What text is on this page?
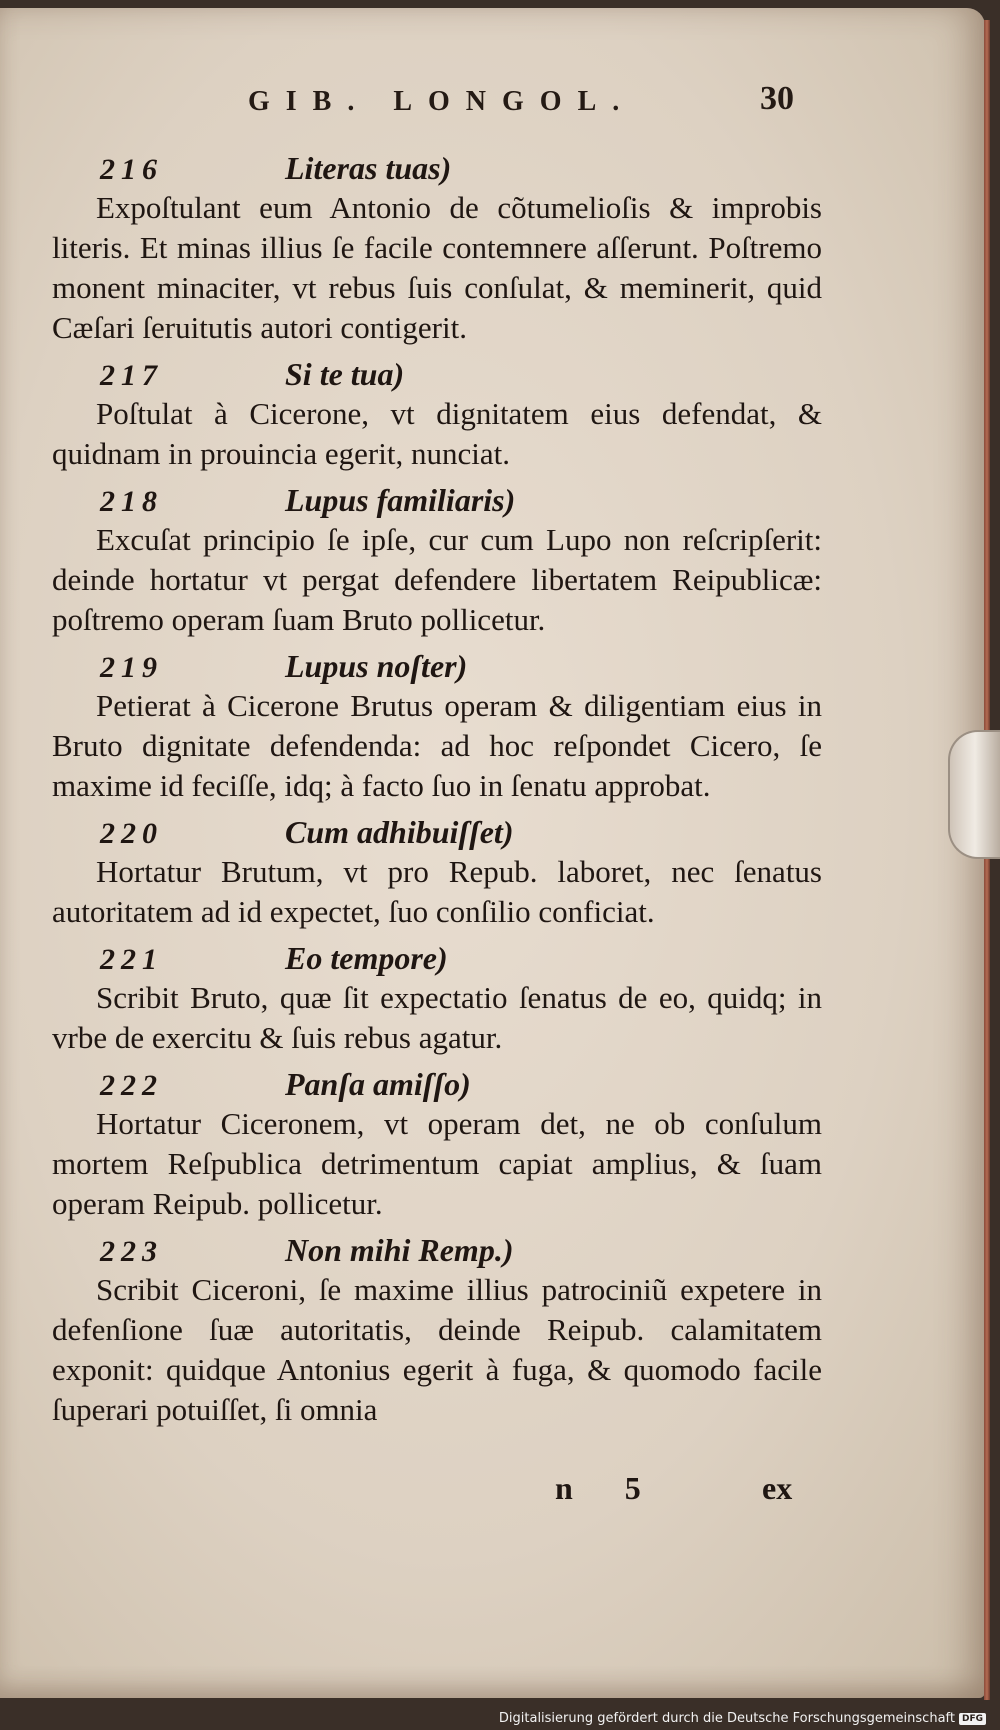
GIB. LONGOL.	30
216	Literas tuas)
Expoſtulant eum Antonio de cõtumelioſis & improbis literis. Et minas illius ſe facile contemnere aſſerunt. Poſtremo monent minaciter, vt rebus ſuis conſulat, & meminerit, quid Cæſari ſeruitutis autori contigerit.
217	Si te tua)
Poſtulat à Cicerone, vt dignitatem eius defendat, & quidnam in prouincia egerit, nunciat.
218	Lupus familiaris)
Excuſat principio ſe ipſe, cur cum Lupo non reſcripſerit: deinde hortatur vt pergat defendere libertatem Reipublicæ: poſtremo operam ſuam Bruto pollicetur.
219	Lupus noſter)
Petierat à Cicerone Brutus operam & diligentiam eius in Bruto dignitate defendenda: ad hoc reſpondet Cicero, ſe maxime id feciſſe, idq; à facto ſuo in ſenatu approbat.
220	Cum adhibuiſſet)
Hortatur Brutum, vt pro Repub. laboret, nec ſenatus autoritatem ad id expectet, ſuo conſilio conficiat.
221	Eo tempore)
Scribit Bruto, quæ ſit expectatio ſenatus de eo, quidq; in vrbe de exercitu & ſuis rebus agatur.
222	Panſa amiſſo)
Hortatur Ciceronem, vt operam det, ne ob conſulum mortem Reſpublica detrimentum capiat amplius, & ſuam operam Reipub. pollicetur.
223	Non mihi Remp.)
Scribit Ciceroni, ſe maxime illius patrociniũ expetere in defenſione ſuæ autoritatis, deinde Reipub. calamitatem exponit: quidque Antonius egerit à fuga, & quomodo facile ſuperari potuiſſet, ſi omnia
n 5	ex
Digitalisierung gefördert durch die Deutsche Forschungsgemeinschaft DFG
